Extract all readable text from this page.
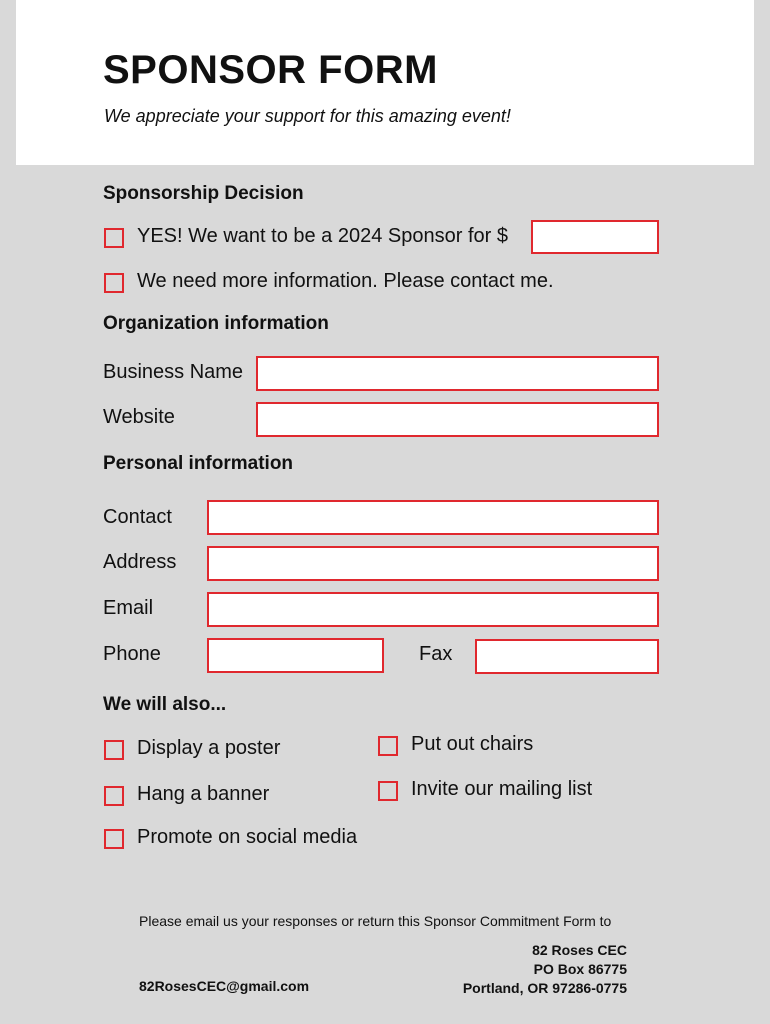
SPONSOR FORM
We appreciate your support for this amazing event!
Sponsorship Decision
YES! We want to be a 2024 Sponsor for $
We need more information. Please contact me.
Organization information
Business Name
Website
Personal information
Contact
Address
Email
Phone	Fax
We will also...
Display a poster
Hang a banner
Promote on social media
Put out chairs
Invite our mailing list
Please email us your responses or return this Sponsor Commitment Form to
82RosesCEC@gmail.com
82 Roses CEC
PO Box 86775
Portland, OR 97286-0775
